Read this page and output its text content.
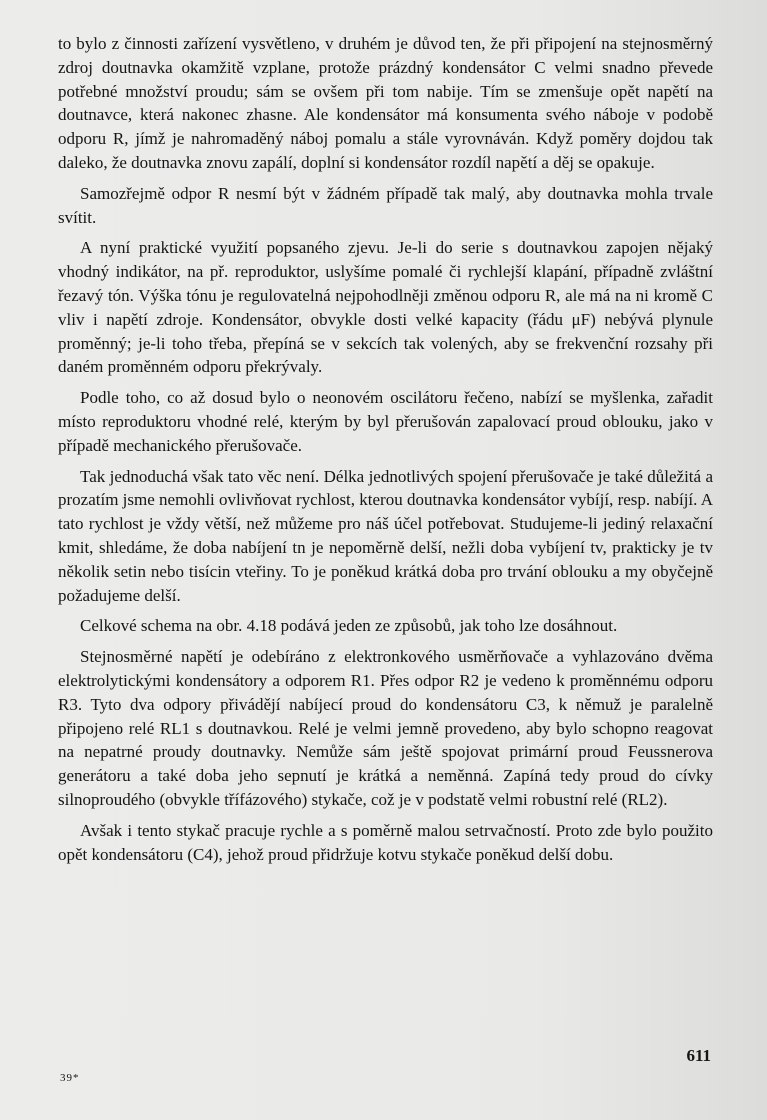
to bylo z činnosti zařízení vysvětleno, v druhém je důvod ten, že při připojení na stejnosměrný zdroj doutnavka okamžitě vzplane, protože prázdný kondensátor C velmi snadno převede potřebné množství proudu; sám se ovšem při tom nabije. Tím se zmenšuje opět napětí na doutnavce, která nakonec zhasne. Ale kondensátor má konsumenta svého náboje v podobě odporu R, jímž je nahromaděný náboj pomalu a stále vyrovnáván. Když poměry dojdou tak daleko, že doutnavka znovu zapálí, doplní si kondensátor rozdíl napětí a děj se opakuje.

Samozřejmě odpor R nesmí být v žádném případě tak malý, aby doutnavka mohla trvale svítit.

A nyní praktické využití popsaného zjevu. Je-li do serie s doutnavkou zapojen nějaký vhodný indikátor, na př. reproduktor, uslyšíme pomalé či rychlejší klapání, případně zvláštní řezavý tón. Výška tónu je regulovatelná nejpohodlněji změnou odporu R, ale má na ni kromě C vliv i napětí zdroje. Kondensátor, obvykle dosti velké kapacity (řádu μF) nebývá plynule proměnný; je-li toho třeba, přepíná se v sekcích tak volených, aby se frekvenční rozsahy při daném proměnném odporu překrývaly.

Podle toho, co až dosud bylo o neonovém oscilátoru řečeno, nabízí se myšlenka, zařadit místo reproduktoru vhodné relé, kterým by byl přerušován zapalovací proud oblouku, jako v případě mechanického přerušovače.

Tak jednoduchá však tato věc není. Délka jednotlivých spojení přerušovače je také důležitá a prozatím jsme nemohli ovlivňovat rychlost, kterou doutnavka kondensátor vybíjí, resp. nabíjí. A tato rychlost je vždy větší, než můžeme pro náš účel potřebovat. Studujeme-li jediný relaxační kmit, shledáme, že doba nabíjení tn je nepoměrně delší, nežli doba vybíjení tv, prakticky je tv několik setin nebo tisícin vteřiny. To je poněkud krátká doba pro trvání oblouku a my obyčejně požadujeme delší.

Celkové schema na obr. 4.18 podává jeden ze způsobů, jak toho lze dosáhnout.

Stejnosměrné napětí je odebíráno z elektronkového usměrňovače a vyhlazováno dvěma elektrolytickými kondensátory a odporem R1. Přes odpor R2 je vedeno k proměnnému odporu R3. Tyto dva odpory přivádějí nabíjecí proud do kondensátoru C3, k němuž je paralelně připojeno relé RL1 s doutnavkou. Relé je velmi jemně provedeno, aby bylo schopno reagovat na nepatrné proudy doutnavky. Nemůže sám ještě spojovat primární proud Feussnerova generátoru a také doba jeho sepnutí je krátká a neměnná. Zapíná tedy proud do cívky silnoproudého (obvykle třífázového) stykače, což je v podstatě velmi robustní relé (RL2).

Avšak i tento stykač pracuje rychle a s poměrně malou setrvačností. Proto zde bylo použito opět kondensátoru (C4), jehož proud přidržuje kotvu stykače poněkud delší dobu.

39*
611
